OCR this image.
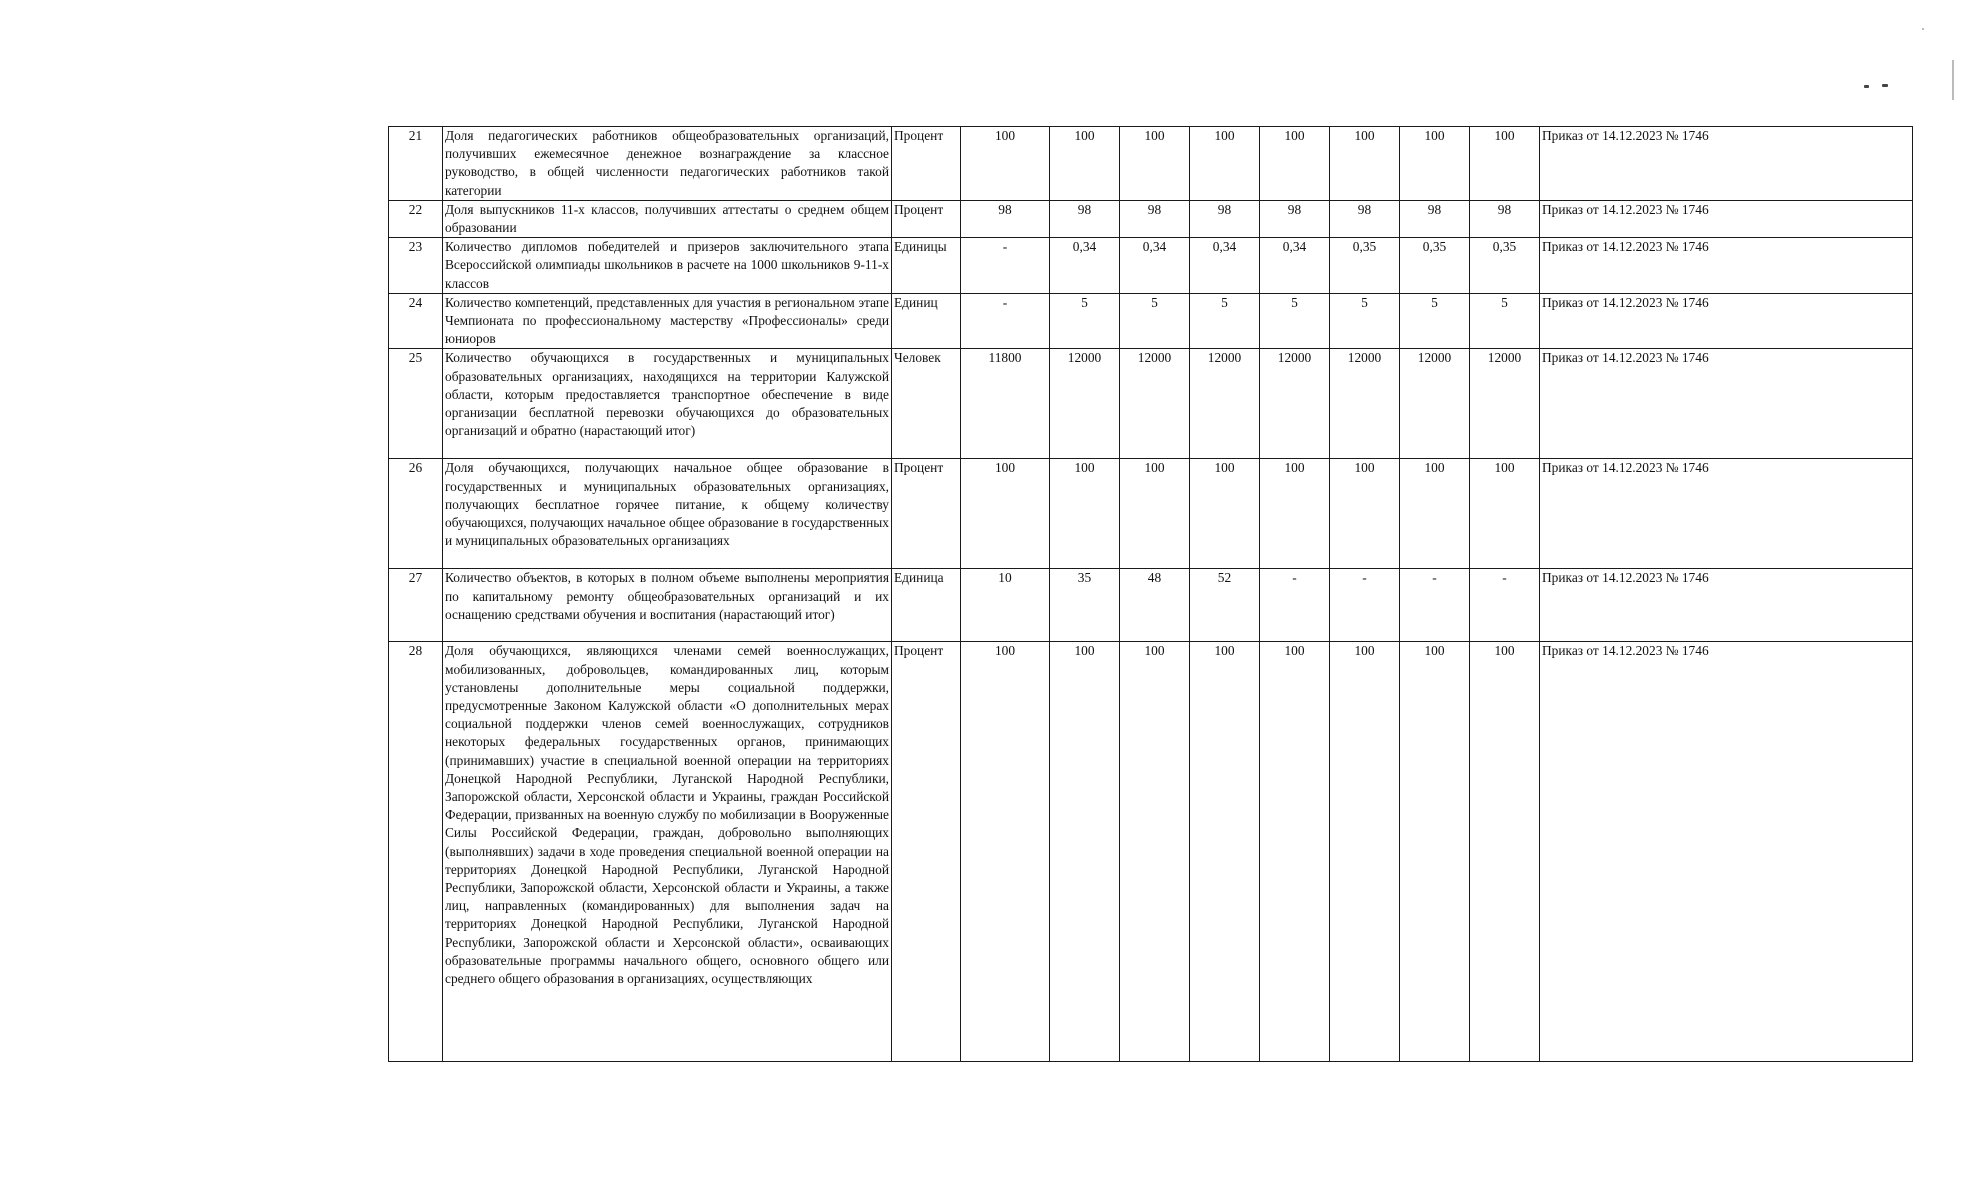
21	Доля педагогических работников общеобразовательных организаций, получивших ежемесячное денежное вознаграждение за классное руководство, в общей численности педагогических работников такой категории	Процент	100	100	100	100	100	100	100	100	Приказ от 14.12.2023 № 1746
22	Доля выпускников 11-х классов, получивших аттестаты о среднем общем образовании	Процент	98	98	98	98	98	98	98	98	Приказ от 14.12.2023 № 1746
23	Количество дипломов победителей и призеров заключительного этапа Всероссийской олимпиады школьников в расчете на 1000 школьников 9-11-х классов	Единицы	-	0,34	0,34	0,34	0,34	0,35	0,35	0,35	Приказ от 14.12.2023 № 1746
24	Количество компетенций, представленных для участия в региональном этапе Чемпионата по профессиональному мастерству «Профессионалы» среди юниоров	Единиц	-	5	5	5	5	5	5	5	Приказ от 14.12.2023 № 1746
25	Количество обучающихся в государственных и муниципальных образовательных организациях, находящихся на территории Калужской области, которым предоставляется транспортное обеспечение в виде организации бесплатной перевозки обучающихся до образовательных организаций и обратно (нарастающий итог)	Человек	11800	12000	12000	12000	12000	12000	12000	12000	Приказ от 14.12.2023 № 1746
26	Доля обучающихся, получающих начальное общее образование в государственных и муниципальных образовательных организациях, получающих бесплатное горячее питание, к общему количеству обучающихся, получающих начальное общее образование в государственных и муниципальных образовательных организациях	Процент	100	100	100	100	100	100	100	100	Приказ от 14.12.2023 № 1746
27	Количество объектов, в которых в полном объеме выполнены мероприятия по капитальному ремонту общеобразовательных организаций и их оснащению средствами обучения и воспитания (нарастающий итог)	Единица	10	35	48	52	-	-	-	-	Приказ от 14.12.2023 № 1746
28	Доля обучающихся, являющихся членами семей военнослужащих, мобилизованных, добровольцев, командированных лиц, которым установлены дополнительные меры социальной поддержки, предусмотренные Законом Калужской области «О дополнительных мерах социальной поддержки членов семей военнослужащих, сотрудников некоторых федеральных государственных органов, принимающих (принимавших) участие в специальной военной операции на территориях Донецкой Народной Республики, Луганской Народной Республики, Запорожской области, Херсонской области и Украины, граждан Российской Федерации, призванных на военную службу по мобилизации в Вооруженные Силы Российской Федерации, граждан, добровольно выполняющих (выполнявших) задачи в ходе проведения специальной военной операции на территориях Донецкой Народной Республики, Луганской Народной Республики, Запорожской области, Херсонской области и Украины, а также лиц, направленных (командированных) для выполнения задач на территориях Донецкой Народной Республики, Луганской Народной Республики, Запорожской области и Херсонской области», осваивающих образовательные программы начального общего, основного общего или среднего общего образования в организациях, осуществляющих	Процент	100	100	100	100	100	100	100	100	Приказ от 14.12.2023 № 1746
